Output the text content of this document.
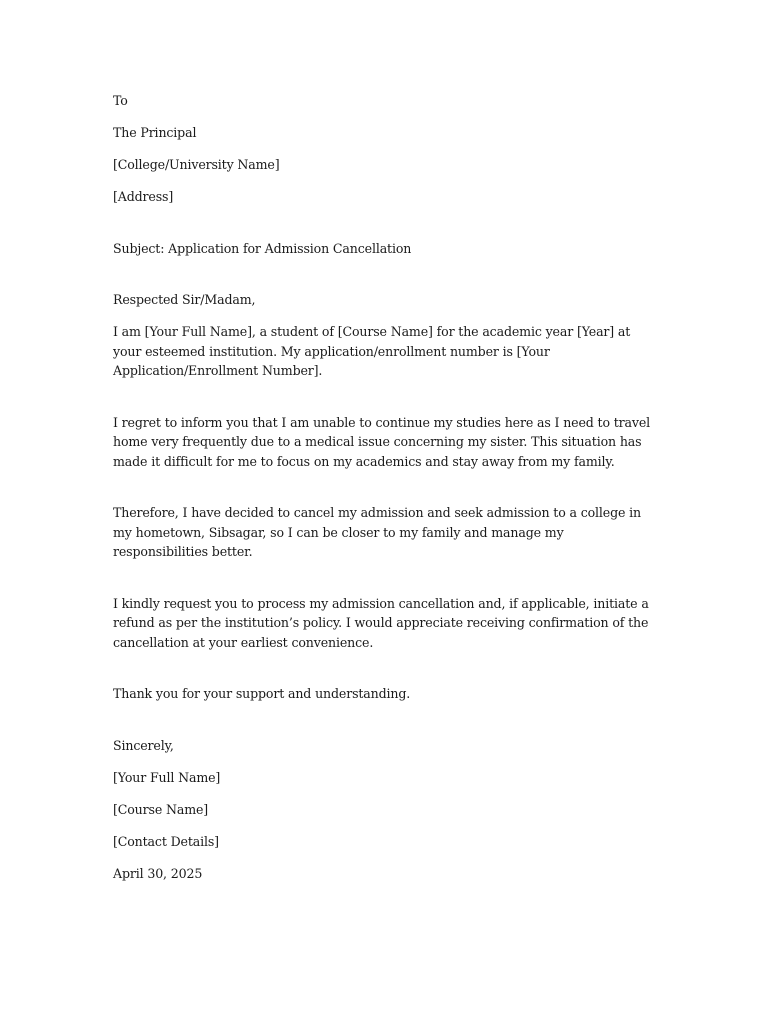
To

The Principal

[College/University Name]

[Address]

Subject: Application for Admission Cancellation

Respected Sir/Madam,

I am [Your Full Name], a student of [Course Name] for the academic year [Year] at your esteemed institution. My application/enrollment number is [Your Application/Enrollment Number].

I regret to inform you that I am unable to continue my studies here as I need to travel home very frequently due to a medical issue concerning my sister. This situation has made it difficult for me to focus on my academics and stay away from my family.

Therefore, I have decided to cancel my admission and seek admission to a college in my hometown, Sibsagar, so I can be closer to my family and manage my responsibilities better.

I kindly request you to process my admission cancellation and, if applicable, initiate a refund as per the institution’s policy. I would appreciate receiving confirmation of the cancellation at your earliest convenience.

Thank you for your support and understanding.

Sincerely,

[Your Full Name]

[Course Name]

[Contact Details]

April 30, 2025
